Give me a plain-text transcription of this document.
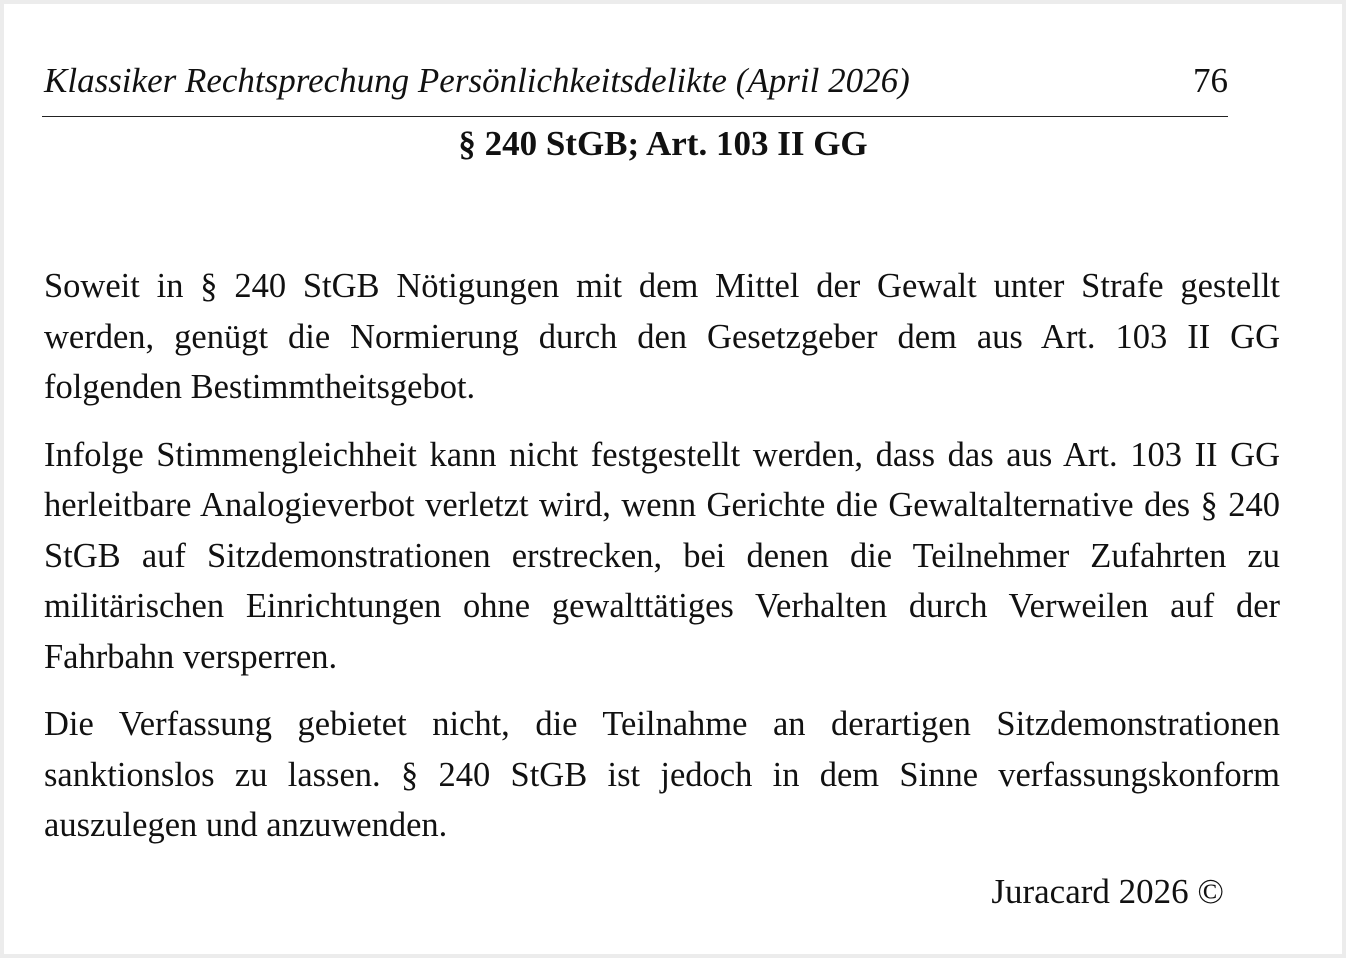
Klassiker Rechtsprechung Persönlichkeitsdelikte (April 2026)	76
§ 240 StGB; Art. 103 II GG

Soweit in § 240 StGB Nötigungen mit dem Mittel der Gewalt unter Strafe gestellt werden, genügt die Normierung durch den Gesetzgeber dem aus Art. 103 II GG folgenden Bestimmtheitsgebot.

Infolge Stimmengleichheit kann nicht festgestellt werden, dass das aus Art. 103 II GG herleitbare Analogieverbot verletzt wird, wenn Gerichte die Gewaltalternative des § 240 StGB auf Sitzdemonstrationen erstrecken, bei denen die Teilnehmer Zufahrten zu militärischen Einrichtungen ohne gewalttätiges Verhalten durch Verweilen auf der Fahrbahn versperren.

Die Verfassung gebietet nicht, die Teilnahme an derartigen Sitzdemonstrationen sanktionslos zu lassen. § 240 StGB ist jedoch in dem Sinne verfassungskonform auszulegen und anzuwenden.

Juracard 2026 ©
